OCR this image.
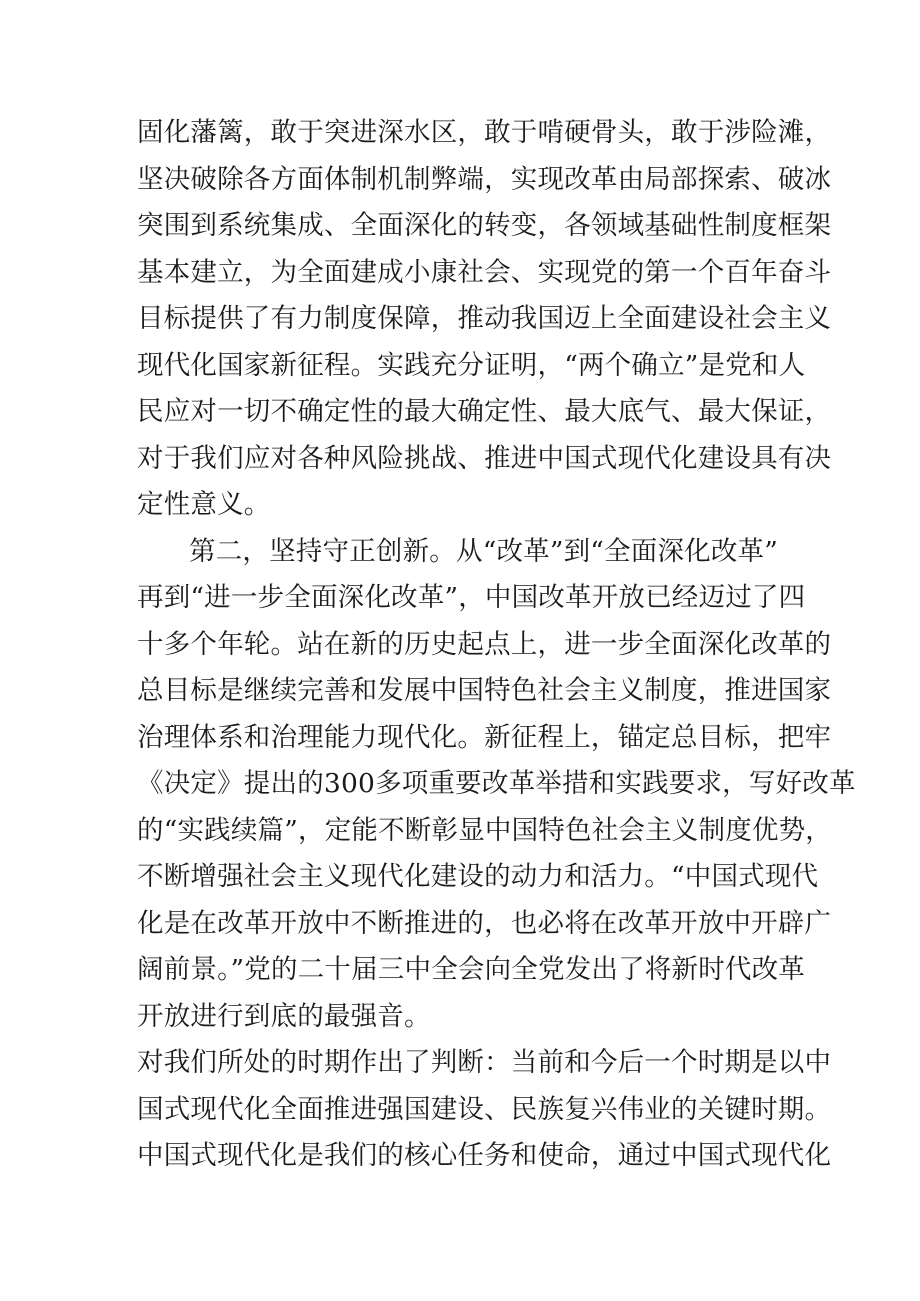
固化藩篱，敢于突进深水区，敢于啃硬骨头，敢于涉险滩，
坚决破除各方面体制机制弊端，实现改革由局部探索、破冰
突围到系统集成、全面深化的转变，各领域基础性制度框架
基本建立，为全面建成小康社会、实现党的第一个百年奋斗
目标提供了有力制度保障，推动我国迈上全面建设社会主义
现代化国家新征程。实践充分证明，“两个确立”是党和人
民应对一切不确定性的最大确定性、最大底气、最大保证，
对于我们应对各种风险挑战、推进中国式现代化建设具有决
定性意义。
第二，坚持守正创新。从“改革”到“全面深化改革”
再到“进一步全面深化改革”，中国改革开放已经迈过了四
十多个年轮。站在新的历史起点上，进一步全面深化改革的
总目标是继续完善和发展中国特色社会主义制度，推进国家
治理体系和治理能力现代化。新征程上，锚定总目标，把牢
《决定》提出的300多项重要改革举措和实践要求，写好改革
的“实践续篇”，定能不断彰显中国特色社会主义制度优势，
不断增强社会主义现代化建设的动力和活力。“中国式现代
化是在改革开放中不断推进的，也必将在改革开放中开辟广
阔前景。”党的二十届三中全会向全党发出了将新时代改革
开放进行到底的最强音。
对我们所处的时期作出了判断：当前和今后一个时期是以中
国式现代化全面推进强国建设、民族复兴伟业的关键时期。
中国式现代化是我们的核心任务和使命，通过中国式现代化
